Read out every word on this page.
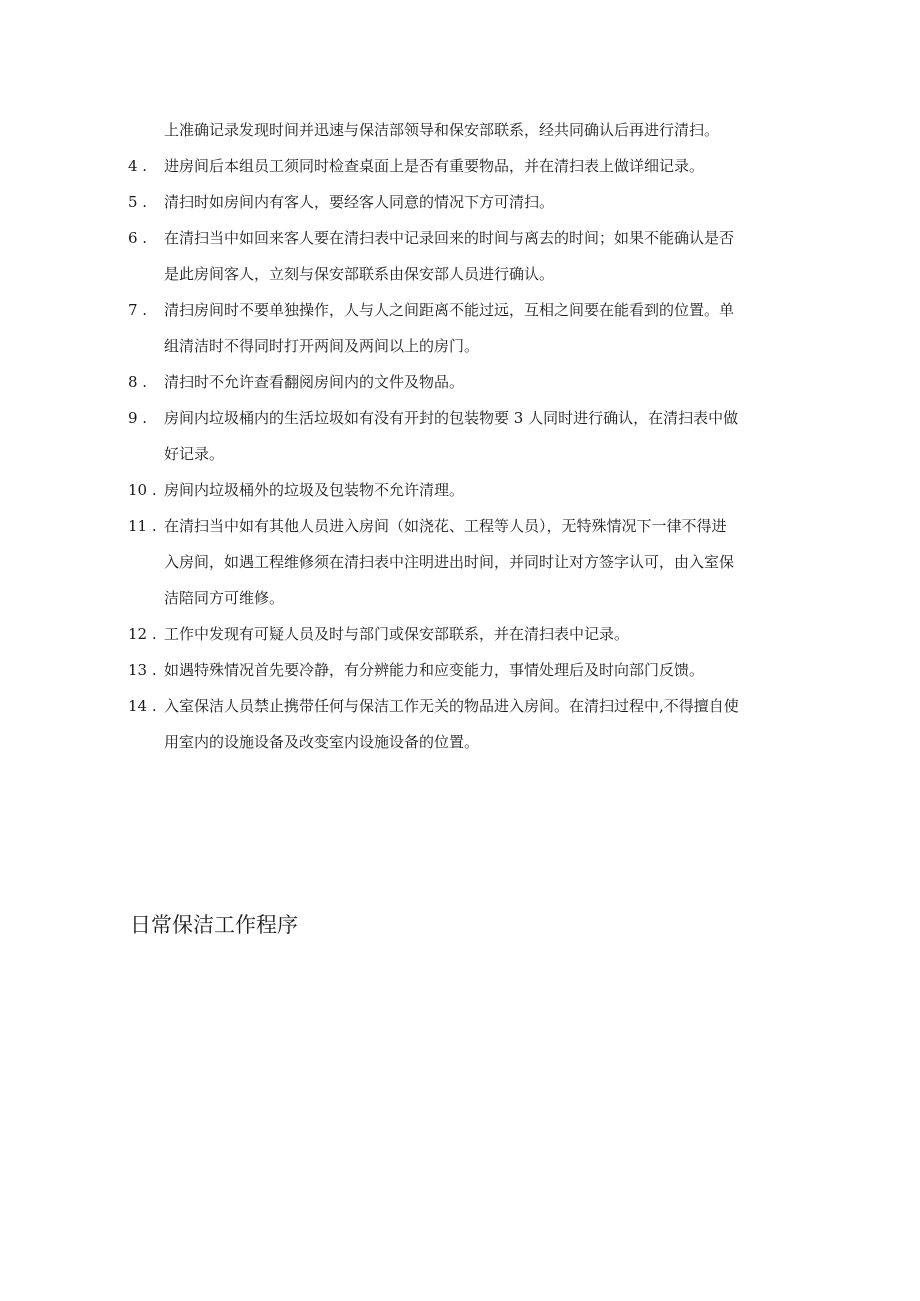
上准确记录发现时间并迅速与保洁部领导和保安部联系，经共同确认后再进行清扫。
4 . 进房间后本组员工须同时检查桌面上是否有重要物品，并在清扫表上做详细记录。
5 . 清扫时如房间内有客人，要经客人同意的情况下方可清扫。
6 . 在清扫当中如回来客人要在清扫表中记录回来的时间与离去的时间；如果不能确认是否
是此房间客人，立刻与保安部联系由保安部人员进行确认。
7 . 清扫房间时不要单独操作，人与人之间距离不能过远，互相之间要在能看到的位置。单
组清洁时不得同时打开两间及两间以上的房门。
8 . 清扫时不允许查看翻阅房间内的文件及物品。
9 . 房间内垃圾桶内的生活垃圾如有没有开封的包装物要 3 人同时进行确认，在清扫表中做
好记录。
10 . 房间内垃圾桶外的垃圾及包装物不允许清理。
11 . 在清扫当中如有其他人员进入房间（如浇花、工程等人员），无特殊情况下一律不得进
入房间，如遇工程维修须在清扫表中注明进出时间，并同时让对方签字认可，由入室保
洁陪同方可维修。
12 . 工作中发现有可疑人员及时与部门或保安部联系，并在清扫表中记录。
13 . 如遇特殊情况首先要冷静，有分辨能力和应变能力，事情处理后及时向部门反馈。
14 . 入室保洁人员禁止携带任何与保洁工作无关的物品进入房间。在清扫过程中,不得擅自使
用室内的设施设备及改变室内设施设备的位置。
日常保洁工作程序
